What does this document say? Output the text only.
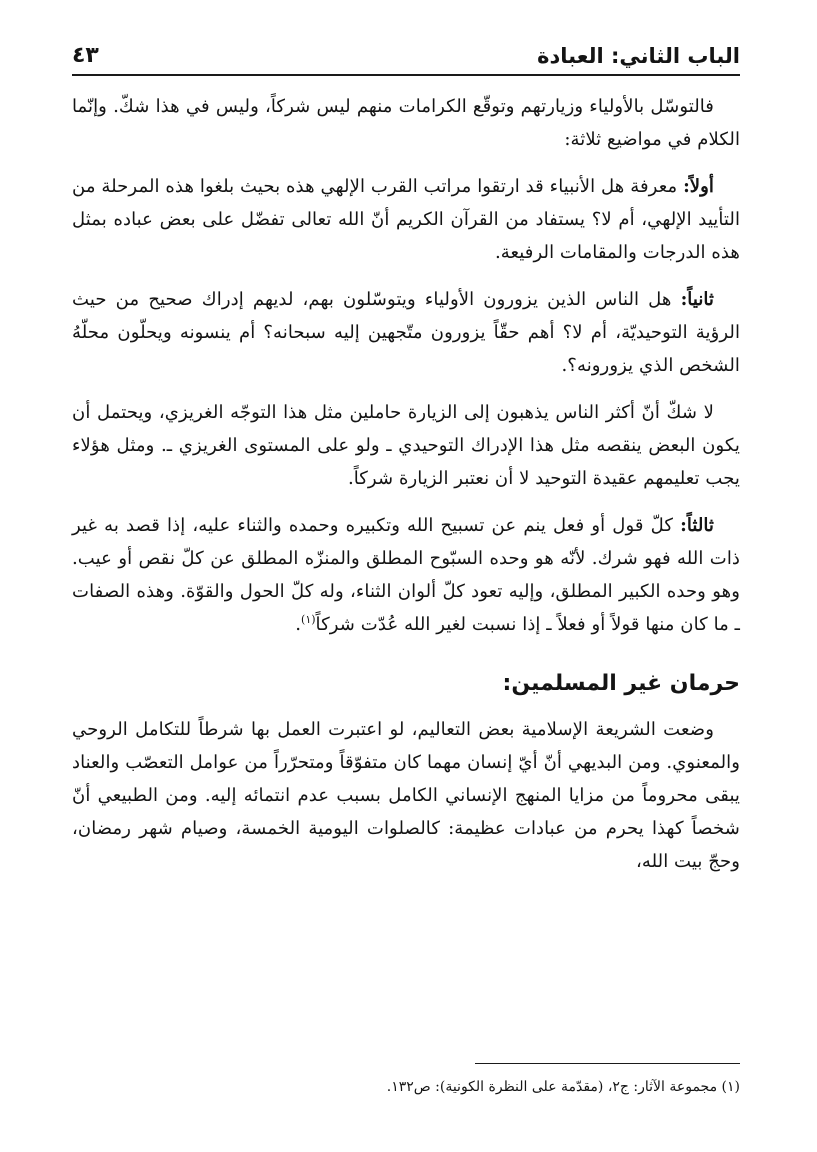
الباب الثاني: العبادة
٤٣

فالتوسّل بالأولياء وزيارتهم وتوقّع الكرامات منهم ليس شركاً، وليس في هذا شكّ. وإنّما الكلام في مواضيع ثلاثة:

أولاً: معرفة هل الأنبياء قد ارتقوا مراتب القرب الإلهي هذه بحيث بلغوا هذه المرحلة من التأييد الإلهي، أم لا؟ يستفاد من القرآن الكريم أنّ الله تعالى تفضّل على بعض عباده بمثل هذه الدرجات والمقامات الرفيعة.

ثانياً: هل الناس الذين يزورون الأولياء ويتوسّلون بهم، لديهم إدراك صحيح من حيث الرؤية التوحيديّة، أم لا؟ أهم حقّاً يزورون متّجهين إليه سبحانه؟ أم ينسونه ويحلّون محلّهُ الشخص الذي يزورونه؟.

لا شكّ أنّ أكثر الناس يذهبون إلى الزيارة حاملين مثل هذا التوجّه الغريزي، ويحتمل أن يكون البعض ينقصه مثل هذا الإدراك التوحيدي ـ ولو على المستوى الغريزي ـ. ومثل هؤلاء يجب تعليمهم عقيدة التوحيد لا أن نعتبر الزيارة شركاً.

ثالثاً: كلّ قول أو فعل ينم عن تسبيح الله وتكبيره وحمده والثناء عليه، إذا قصد به غير ذات الله فهو شرك. لأنّه هو وحده السبّوح المطلق والمنزّه المطلق عن كلّ نقص أو عيب. وهو وحده الكبير المطلق، وإليه تعود كلّ ألوان الثناء، وله كلّ الحول والقوّة. وهذه الصفات ـ ما كان منها قولاً أو فعلاً ـ إذا نسبت لغير الله عُدّت شركاً$^{(١)}$.

حرمان غير المسلمين:

وضعت الشريعة الإسلامية بعض التعاليم، لو اعتبرت العمل بها شرطاً للتكامل الروحي والمعنوي. ومن البديهي أنّ أيّ إنسان مهما كان متفوّقاً ومتحرّراً من عوامل التعصّب والعناد يبقى محروماً من مزايا المنهج الإنساني الكامل بسبب عدم انتمائه إليه. ومن الطبيعي أنّ شخصاً كهذا يحرم من عبادات عظيمة: كالصلوات اليومية الخمسة، وصيام شهر رمضان، وحجّ بيت الله،

(١) مجموعة الآثار: ج٢، (مقدّمة على النظرة الكونية): ص١٣٢.
